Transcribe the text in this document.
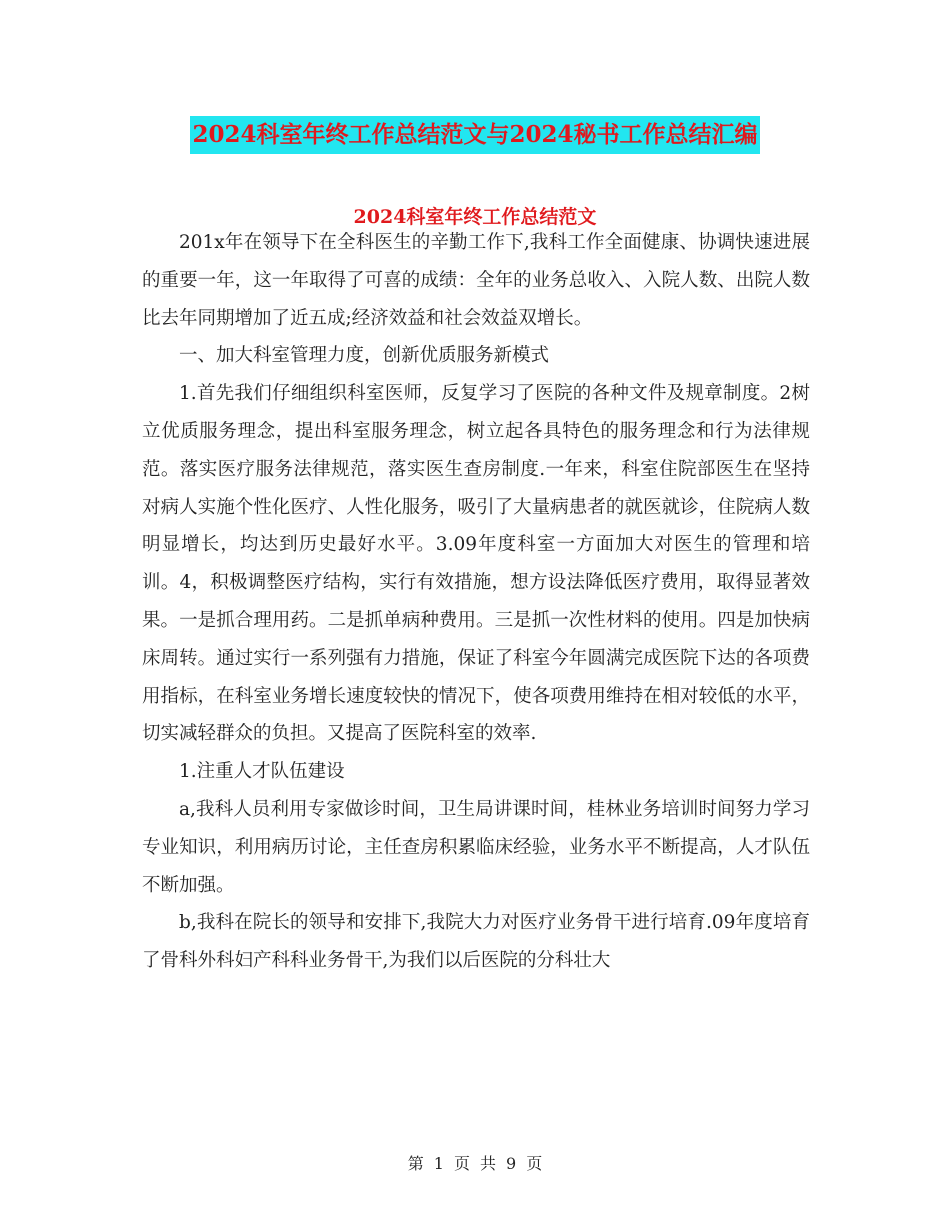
2024科室年终工作总结范文与2024秘书工作总结汇编
2024科室年终工作总结范文

201x年在领导下在全科医生的辛勤工作下,我科工作全面健康、协调快速进展的重要一年，这一年取得了可喜的成绩：全年的业务总收入、入院人数、出院人数比去年同期增加了近五成;经济效益和社会效益双增长。

一、加大科室管理力度，创新优质服务新模式

1.首先我们仔细组织科室医师，反复学习了医院的各种文件及规章制度。2树立优质服务理念，提出科室服务理念，树立起各具特色的服务理念和行为法律规范。落实医疗服务法律规范，落实医生查房制度.一年来，科室住院部医生在坚持对病人实施个性化医疗、人性化服务，吸引了大量病患者的就医就诊，住院病人数明显增长，均达到历史最好水平。3.09年度科室一方面加大对医生的管理和培训。4，积极调整医疗结构，实行有效措施，想方设法降低医疗费用，取得显著效果。一是抓合理用药。二是抓单病种费用。三是抓一次性材料的使用。四是加快病床周转。通过实行一系列强有力措施，保证了科室今年圆满完成医院下达的各项费用指标，在科室业务增长速度较快的情况下，使各项费用维持在相对较低的水平，切实减轻群众的负担。又提高了医院科室的效率.

1.注重人才队伍建设

a,我科人员利用专家做诊时间，卫生局讲课时间，桂林业务培训时间努力学习专业知识，利用病历讨论，主任查房积累临床经验，业务水平不断提高，人才队伍不断加强。

b,我科在院长的领导和安排下,我院大力对医疗业务骨干进行培育.09年度培育了骨科外科妇产科科业务骨干,为我们以后医院的分科壮大

第 1 页 共 9 页
